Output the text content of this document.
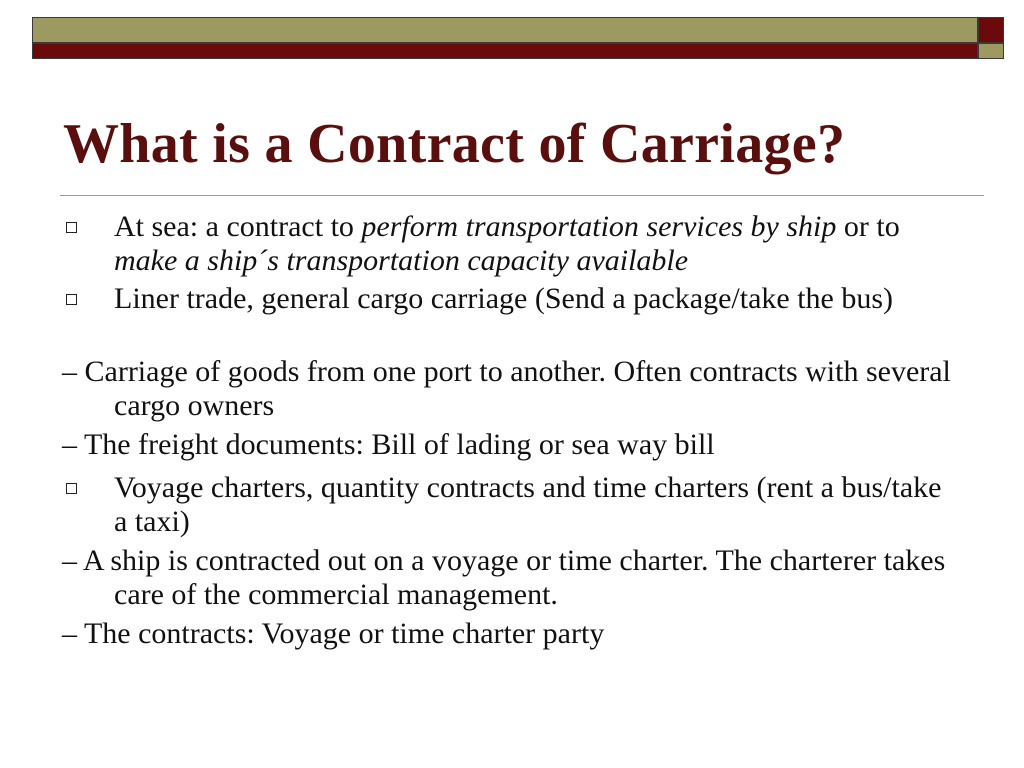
What is a Contract of Carriage?
At sea: a contract to perform transportation services by ship or to make a ship´s transportation capacity available
Liner trade, general cargo carriage (Send a package/take the bus)
– Carriage of goods from one port to another. Often contracts with several cargo owners
– The freight documents: Bill of lading or sea way bill
Voyage charters, quantity contracts and time charters (rent a bus/take a taxi)
– A ship is contracted out on a voyage or time charter. The charterer takes care of the commercial management.
– The contracts: Voyage or time charter party
